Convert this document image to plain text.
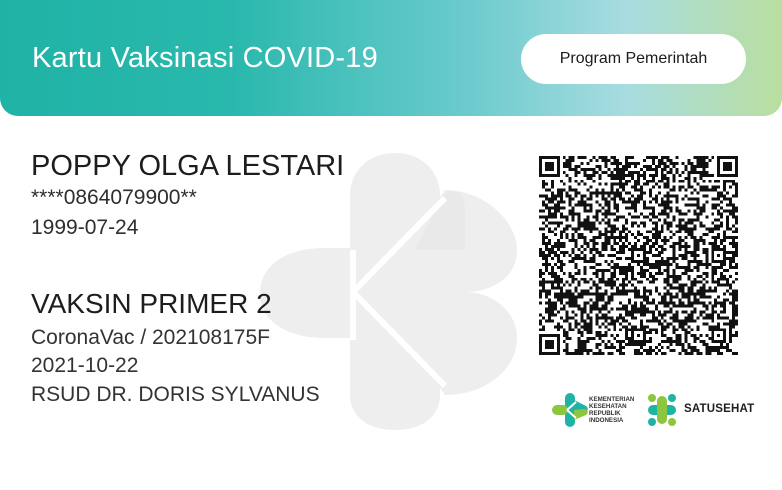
Kartu Vaksinasi COVID-19	Program Pemerintah
POPPY OLGA LESTARI
****0864079900**
1999-07-24
VAKSIN PRIMER 2
CoronaVac / 202108175F
2021-10-22
RSUD DR. DORIS SYLVANUS	KEMENTERIAN
KESEHATAN
REPUBLIK
INDONESIA
SATUSEHAT
